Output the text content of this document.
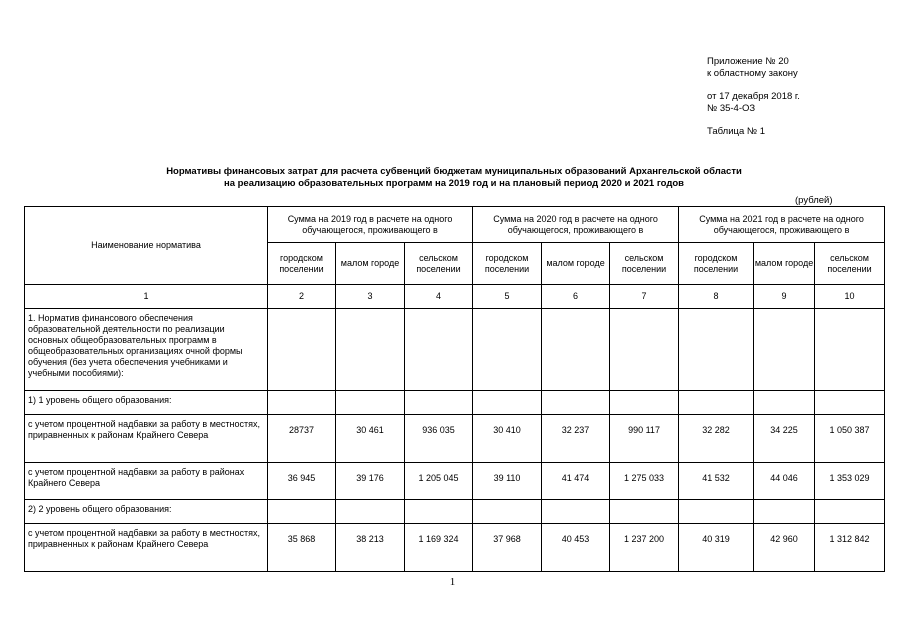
Приложение № 20
к областному закону
от 17 декабря 2018 г.
№ 35-4-ОЗ
Таблица № 1
Нормативы финансовых затрат для расчета субвенций бюджетам муниципальных образований Архангельской области
на реализацию образовательных программ на 2019 год и на плановый период 2020 и 2021 годов
(рублей)
Наименование норматива	Сумма на 2019 год в расчете на одного обучающегося, проживающего в			Сумма на 2020 год в расчете на одного обучающегося, проживающего в			Сумма на 2021 год в расчете на одного обучающегося, проживающего в		
	городском поселении	малом городе	сельском поселении	городском поселении	малом городе	сельском поселении	городском поселении	малом городе	сельском поселении
1	2	3	4	5	6	7	8	9	10
1. Норматив финансового обеспечения образовательной деятельности по реализации основных общеобразовательных программ в общеобразовательных организациях очной формы обучения (без учета обеспечения учебниками и учебными пособиями):									
1) 1 уровень общего образования:									
с учетом процентной надбавки за работу в местностях, приравненных к районам Крайнего Севера	28737	30 461	936 035	30 410	32 237	990 117	32 282	34 225	1 050 387
с учетом процентной надбавки за работу в районах Крайнего Севера	36 945	39 176	1 205 045	39 110	41 474	1 275 033	41 532	44 046	1 353 029
2) 2 уровень общего образования:									
с учетом процентной надбавки за работу в местностях, приравненных к районам Крайнего Севера	35 868	38 213	1 169 324	37 968	40 453	1 237 200	40 319	42 960	1 312 842
1
